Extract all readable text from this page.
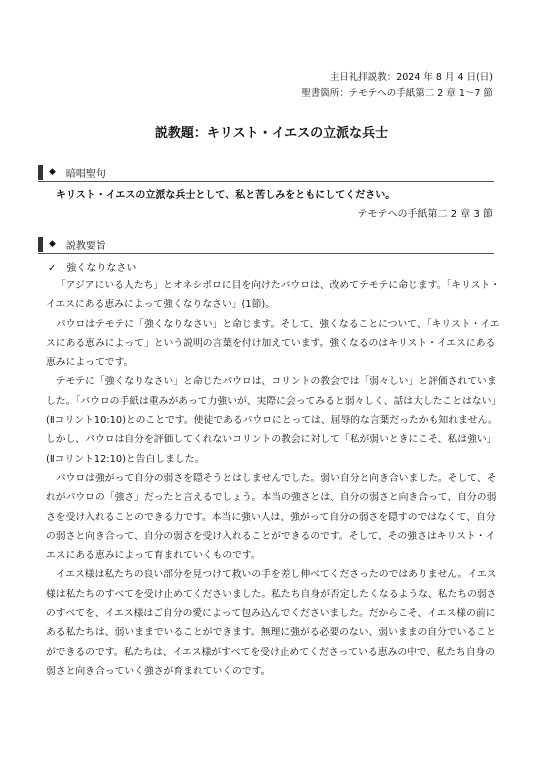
主日礼拝説教：2024 年 8 月 4 日(日)
聖書箇所：テモテへの手紙第二 2 章 1～7 節
説教題：キリスト・イエスの立派な兵士
◆ 暗唱聖句
キリスト・イエスの立派な兵士として、私と苦しみをともにしてください。
テモテへの手紙第二 2 章 3 節
◆ 説教要旨
✓ 強くなりなさい

「アジアにいる人たち」とオネシポロに目を向けたパウロは、改めてテモテに命じます。「キリスト・イエスにある恵みによって強くなりなさい」(1節)。

パウロはテモテに「強くなりなさい」と命じます。そして、強くなることについて、「キリスト・イエスにある恵みによって」という説明の言葉を付け加えています。強くなるのはキリスト・イエスにある恵みによってです。

テモテに「強くなりなさい」と命じたパウロは、コリントの教会では「弱々しい」と評価されていました。「パウロの手紙は重みがあって力強いが、実際に会ってみると弱々しく、話は大したことはない」(Ⅱコリント10:10)とのことです。使徒であるパウロにとっては、屈辱的な言葉だったかも知れません。しかし、パウロは自分を評価してくれないコリントの教会に対して「私が弱いときにこそ、私は強い」(Ⅱコリント12:10)と告白しました。

パウロは強がって自分の弱さを隠そうとはしませんでした。弱い自分と向き合いました。そして、それがパウロの「強さ」だったと言えるでしょう。本当の強さとは、自分の弱さと向き合って、自分の弱さを受け入れることのできる力です。本当に強い人は、強がって自分の弱さを隠すのではなくて、自分の弱さと向き合って、自分の弱さを受け入れることができるのです。そして、その強さはキリスト・イエスにある恵みによって育まれていくものです。

イエス様は私たちの良い部分を見つけて救いの手を差し伸べてくださったのではありません。イエス様は私たちのすべてを受け止めてくださいました。私たち自身が否定したくなるような、私たちの弱さのすべてを、イエス様はご自分の愛によって包み込んでくださいました。だからこそ、イエス様の前にある私たちは、弱いままでいることができます。無理に強がる必要のない、弱いままの自分でいることができるのです。私たちは、イエス様がすべてを受け止めてくださっている恵みの中で、私たち自身の弱さと向き合っていく強さが育まれていくのです。
